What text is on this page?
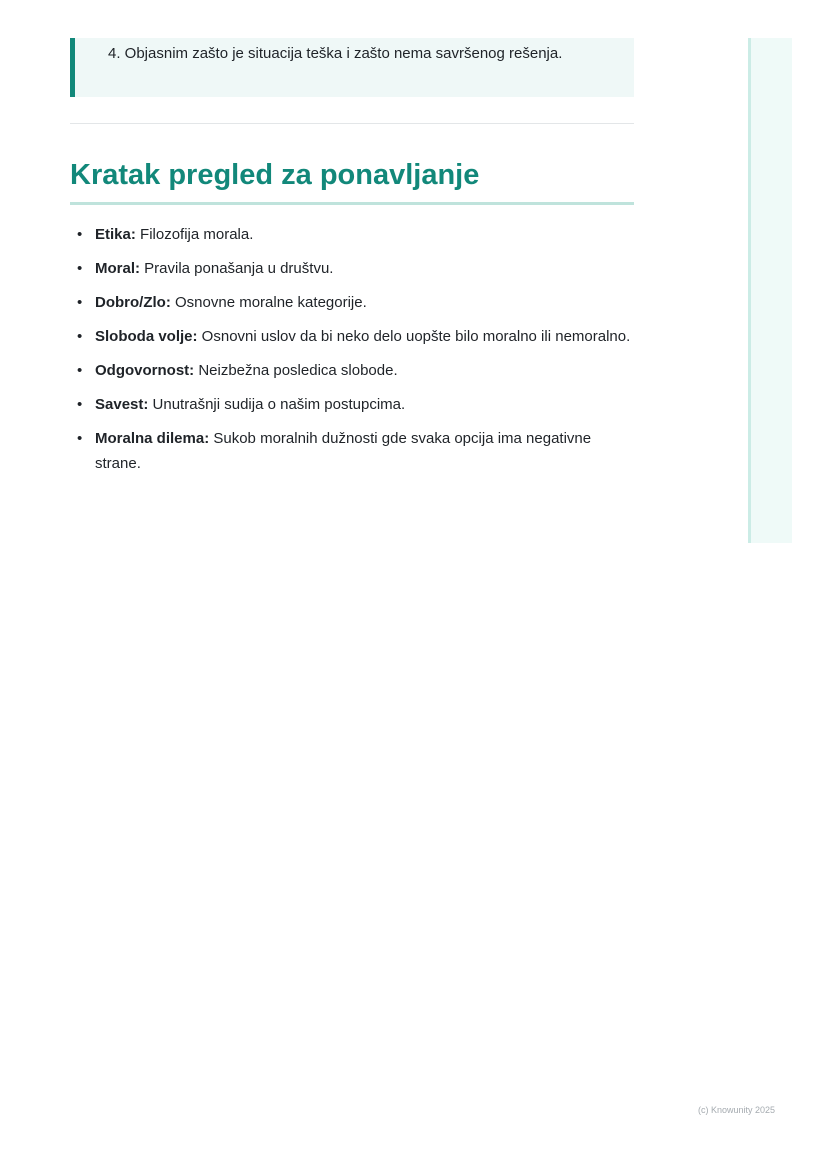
4. Objasnim zašto je situacija teška i zašto nema savršenog rešenja.

Kratak pregled za ponavljanje
• Etika: Filozofija morala.
• Moral: Pravila ponašanja u društvu.
• Dobro/Zlo: Osnovne moralne kategorije.
• Sloboda volje: Osnovni uslov da bi neko delo uopšte bilo moralno ili nemoralno.
• Odgovornost: Neizbežna posledica slobode.
• Savest: Unutrašnji sudija o našim postupcima.
• Moralna dilema: Sukob moralnih dužnosti gde svaka opcija ima negativne strane.
(c) Knowunity 2025
